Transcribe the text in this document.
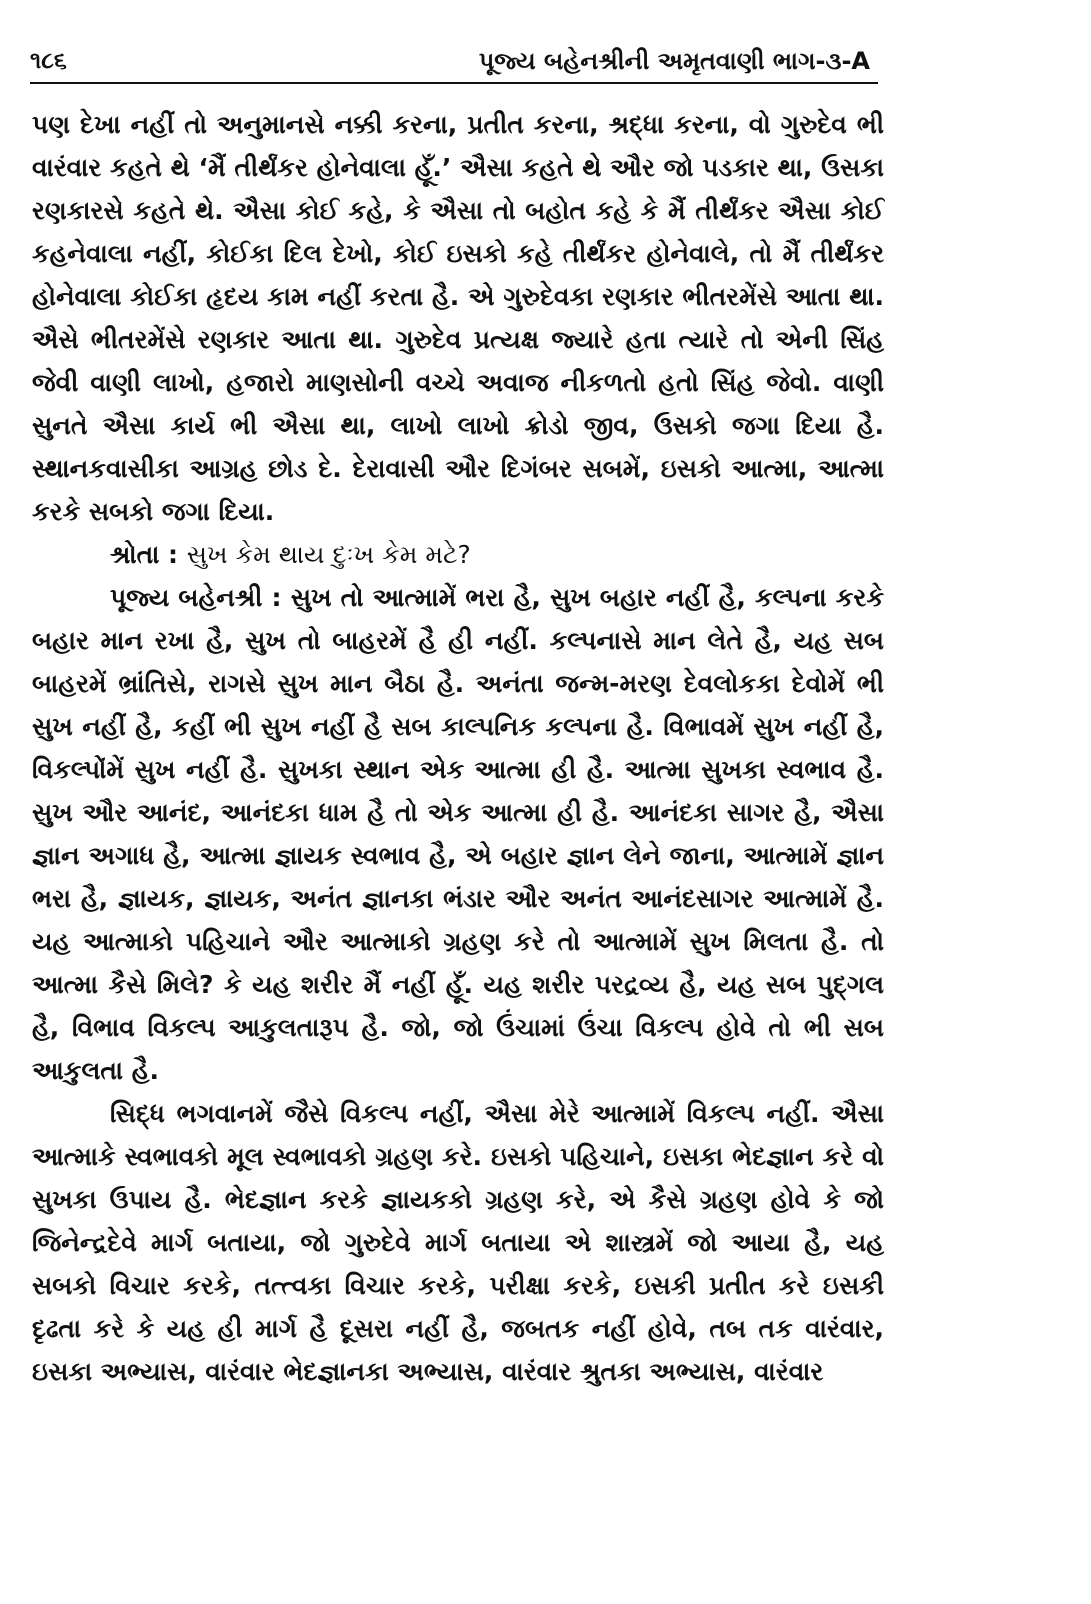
૧૮૬	પૂજ્ય બહેનશ્રીની અમૃતવાણી ભાગ-૩-A

પણ દેખા નહીં તો અનુમાનસે નક્કી કરના, પ્રતીત કરના, શ્રદ્ધા કરના, વો ગુરુદેવ ભી વારંવાર કહતે થે ‘મૈં તીર્થંકર હોનેવાલા હૂઁ.’ ઐસા કહતે થે ઔર જો પડકાર થા, ઉસકા રણકારસે કહતે થે. ઐસા કોઈ કહે, કે ઐસા તો બહોત કહે કે મૈં તીર્થંકર ઐસા કોઈ કહનેવાલા નહીં, કોઈકા દિલ દેખો, કોઈ ઇસકો કહે તીર્થંકર હોનેવાલે, તો મૈં તીર્થંકર હોનેવાલા કોઈકા હૃદય કામ નહીં કરતા હૈ. એ ગુરુદેવકા રણકાર ભીતરમેંસે આતા થા. ઐસે ભીતરમેંસે રણકાર આતા થા. ગુરુદેવ પ્રત્યક્ષ જ્યારે હતા ત્યારે તો એની સિંહ જેવી વાણી લાખો, હજારો માણસોની વચ્ચે અવાજ નીકળતો હતો સિંહ જેવો. વાણી સુનતે ઐસા કાર્ય ભી ઐસા થા, લાખો લાખો ક્રોડો જીવ, ઉસકો જગા દિયા હૈ. સ્થાનકવાસીકા આગ્રહ છોડ દે. દેરાવાસી ઔર દિગંબર સબમેં, ઇસકો આત્મા, આત્મા કરકે સબકો જગા દિયા.

શ્રોતા : સુખ કેમ થાય દુઃખ કેમ મટે?

પૂજ્ય બહેનશ્રી : સુખ તો આત્મામેં ભરા હૈ, સુખ બહાર નહીં હૈ, કલ્પના કરકે બહાર માન રખા હૈ, સુખ તો બાહરમેં હૈ હી નહીં. કલ્પનાસે માન લેતે હૈ, યહ સબ બાહરમેં ભ્રાંતિસે, રાગસે સુખ માન બૈઠા હૈ. અનંતા જન્મ-મરણ દેવલોકકા દેવોમેં ભી સુખ નહીં હૈ, કહીં ભી સુખ નહીં હૈ સબ કાલ્પનિક કલ્પના હૈ. વિભાવમેં સુખ નહીં હૈ, વિકલ્પોંમેં સુખ નહીં હૈ. સુખકા સ્થાન એક આત્મા હી હૈ. આત્મા સુખકા સ્વભાવ હૈ. સુખ ઔર આનંદ, આનંદકા ધામ હૈ તો એક આત્મા હી હૈ. આનંદકા સાગર હૈ, ઐસા જ્ઞાન અગાધ હૈ, આત્મા જ્ઞાયક સ્વભાવ હૈ, એ બહાર જ્ઞાન લેને જાના, આત્મામેં જ્ઞાન ભરા હૈ, જ્ઞાયક, જ્ઞાયક, અનંત જ્ઞાનકા ભંડાર ઔર અનંત આનંદસાગર આત્મામેં હૈ. યહ આત્માકો પહિચાને ઔર આત્માકો ગ્રહણ કરે તો આત્મામેં સુખ મિલતા હૈ. તો આત્મા કૈસે મિલે? કે યહ શરીર મૈં નહીં હૂઁ. યહ શરીર પરદ્રવ્ય હૈ, યહ સબ પુદ્ગલ હૈ, વિભાવ વિકલ્પ આકુલતારૂપ હૈ. જો, જો ઉંચામાં ઉંચા વિકલ્પ હોવે તો ભી સબ આકુલતા હૈ.

સિદ્ધ ભગવાનમેં જૈસે વિકલ્પ નહીં, ઐસા મેરે આત્મામેં વિકલ્પ નહીં. ઐસા આત્માકે સ્વભાવકો મૂલ સ્વભાવકો ગ્રહણ કરે. ઇસકો પહિચાને, ઇસકા ભેદજ્ઞાન કરે વો સુખકા ઉપાય હૈ. ભેદજ્ઞાન કરકે જ્ઞાયકકો ગ્રહણ કરે, એ કૈસે ગ્રહણ હોવે કે જો જિનેન્દ્રદેવે માર્ગ બતાયા, જો ગુરુદેવે માર્ગ બતાયા એ શાસ્ત્રમેં જો આયા હૈ, યહ સબકો વિચાર કરકે, તત્ત્વકા વિચાર કરકે, પરીક્ષા કરકે, ઇસકી પ્રતીત કરે ઇસકી દૃઢતા કરે કે યહ હી માર્ગ હૈ દૂસરા નહીં હૈ, જબતક નહીં હોવે, તબ તક વારંવાર, ઇસકા અભ્યાસ, વારંવાર ભેદજ્ઞાનકા અભ્યાસ, વારંવાર શ્રુતકા અભ્યાસ, વારંવાર
